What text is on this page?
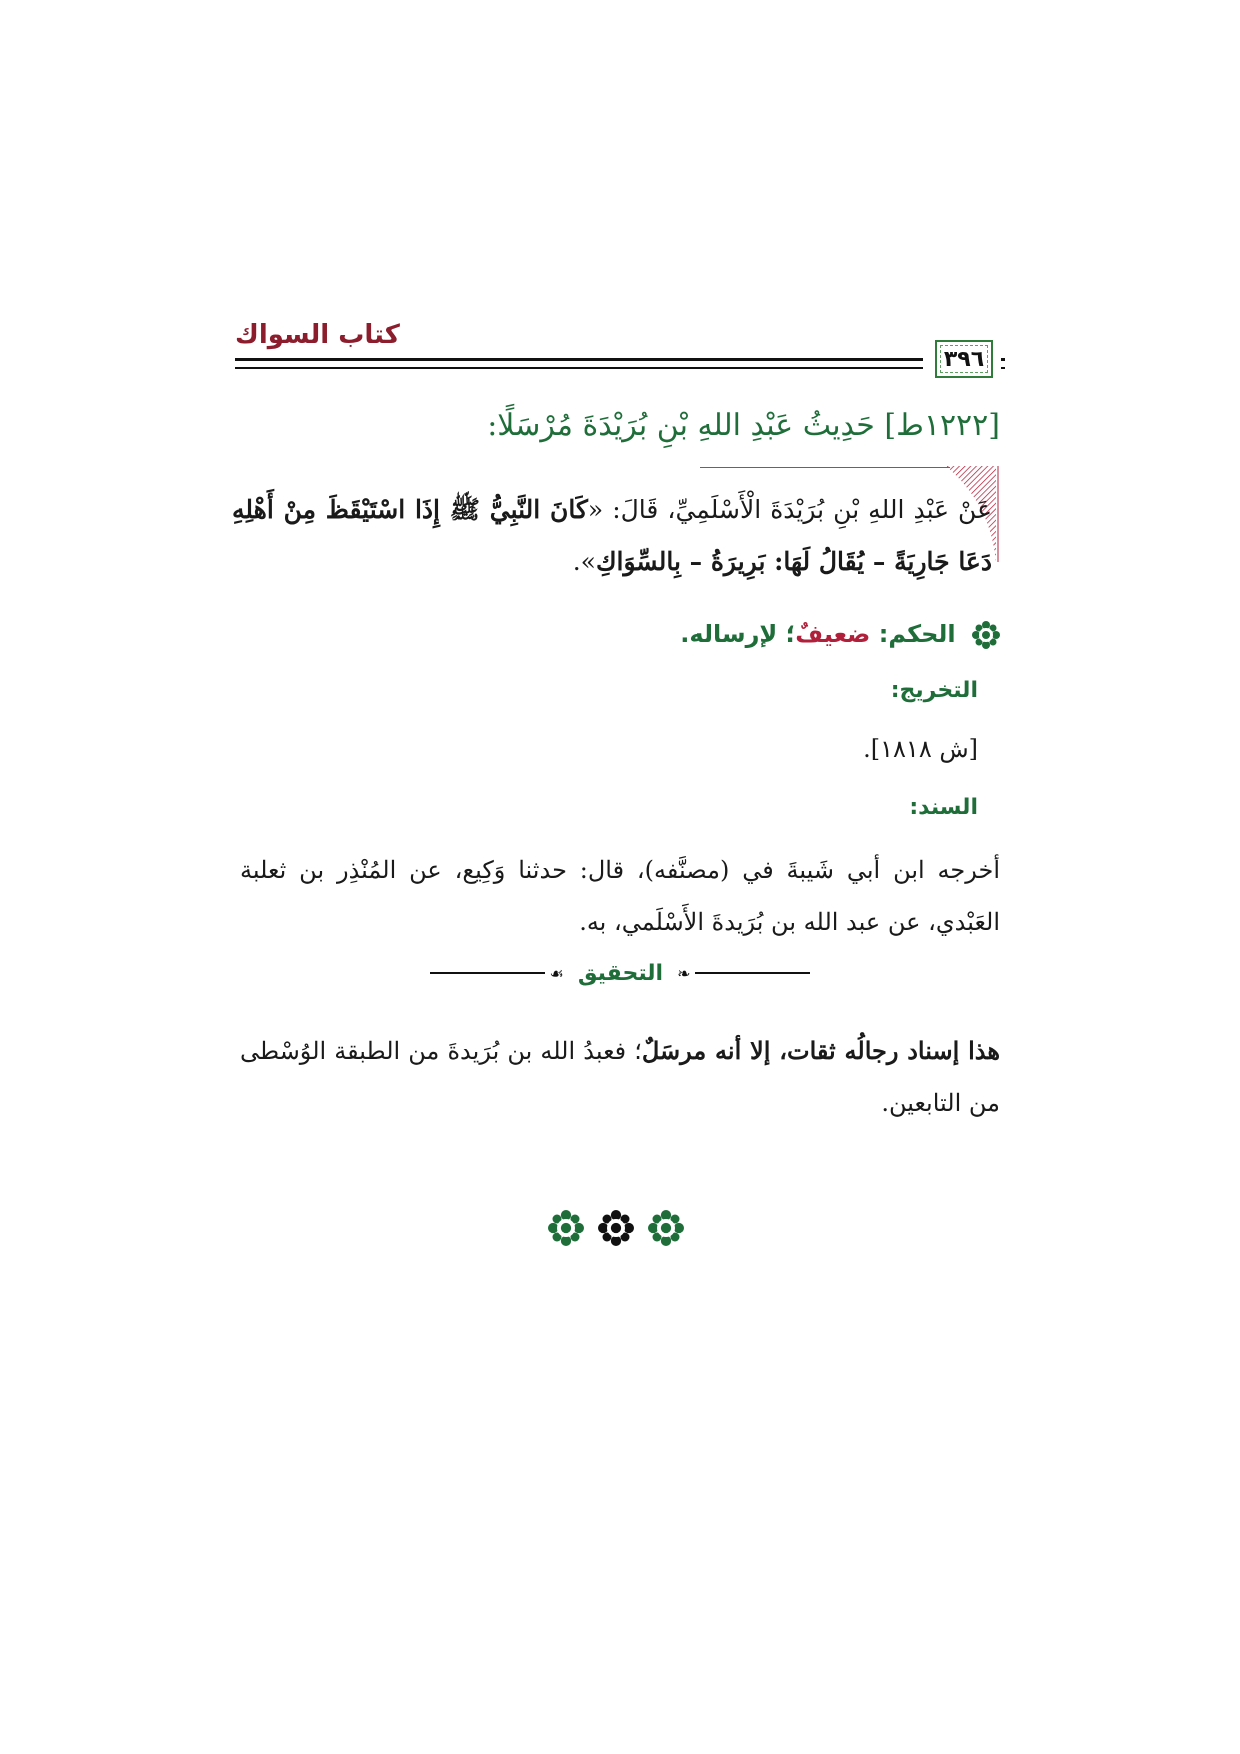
كتاب السواك
٣٩٦
[١٢٢٢ط] حَدِيثُ عَبْدِ اللهِ بْنِ بُرَيْدَةَ مُرْسَلًا:
عَنْ عَبْدِ اللهِ بْنِ بُرَيْدَةَ الْأَسْلَمِيِّ، قَالَ: «كَانَ النَّبِيُّ ﷺ إِذَا اسْتَيْقَظَ مِنْ أَهْلِهِ دَعَا جَارِيَةً – يُقَالُ لَهَا: بَرِيرَةُ – بِالسِّوَاكِ».
الحكم: ضعيفٌ؛ لإرساله.
التخريج:
[ش ١٨١٨].
السند:
أخرجه ابن أبي شَيبةَ في (مصنَّفه)، قال: حدثنا وَكِيع، عن المُنْذِر بن ثعلبة العَبْدي، عن عبد الله بن بُرَيدةَ الأَسْلَمي، به.
❧
التحقيق
☙
هذا إسناد رجالُه ثقات، إلا أنه مرسَلٌ؛ فعبدُ الله بن بُرَيدةَ من الطبقة الوُسْطى من التابعين.
